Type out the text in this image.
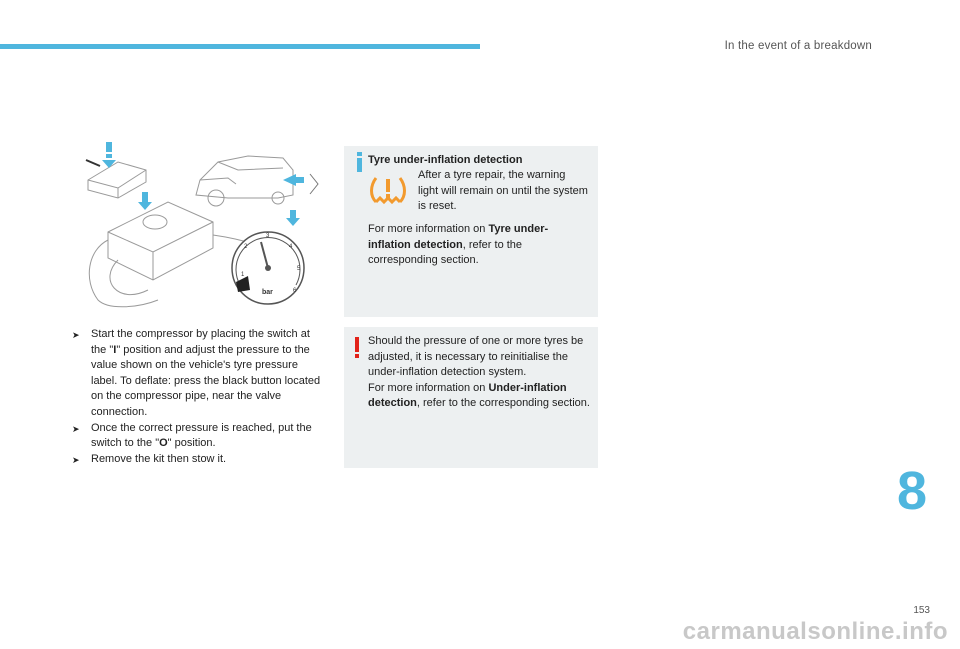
In the event of a breakdown
1
2
3
4
5
6
bar

➤	Start the compressor by placing the switch at the "I" position and adjust the pressure to the value shown on the vehicle's tyre pressure label. To deflate: press the black button located on the compressor pipe, near the valve connection.

➤	Once the correct pressure is reached, put the switch to the "O" position.

➤	Remove the kit then stow it.

Tyre under-inflation detection
After a tyre repair, the warning light will remain on until the system is reset.
For more information on Tyre under-inflation detection, refer to the corresponding section.
Should the pressure of one or more tyres be adjusted, it is necessary to reinitialise the under-inflation detection system.
For more information on Under-inflation detection, refer to the corresponding section.
8
153
carmanualsonline.info
